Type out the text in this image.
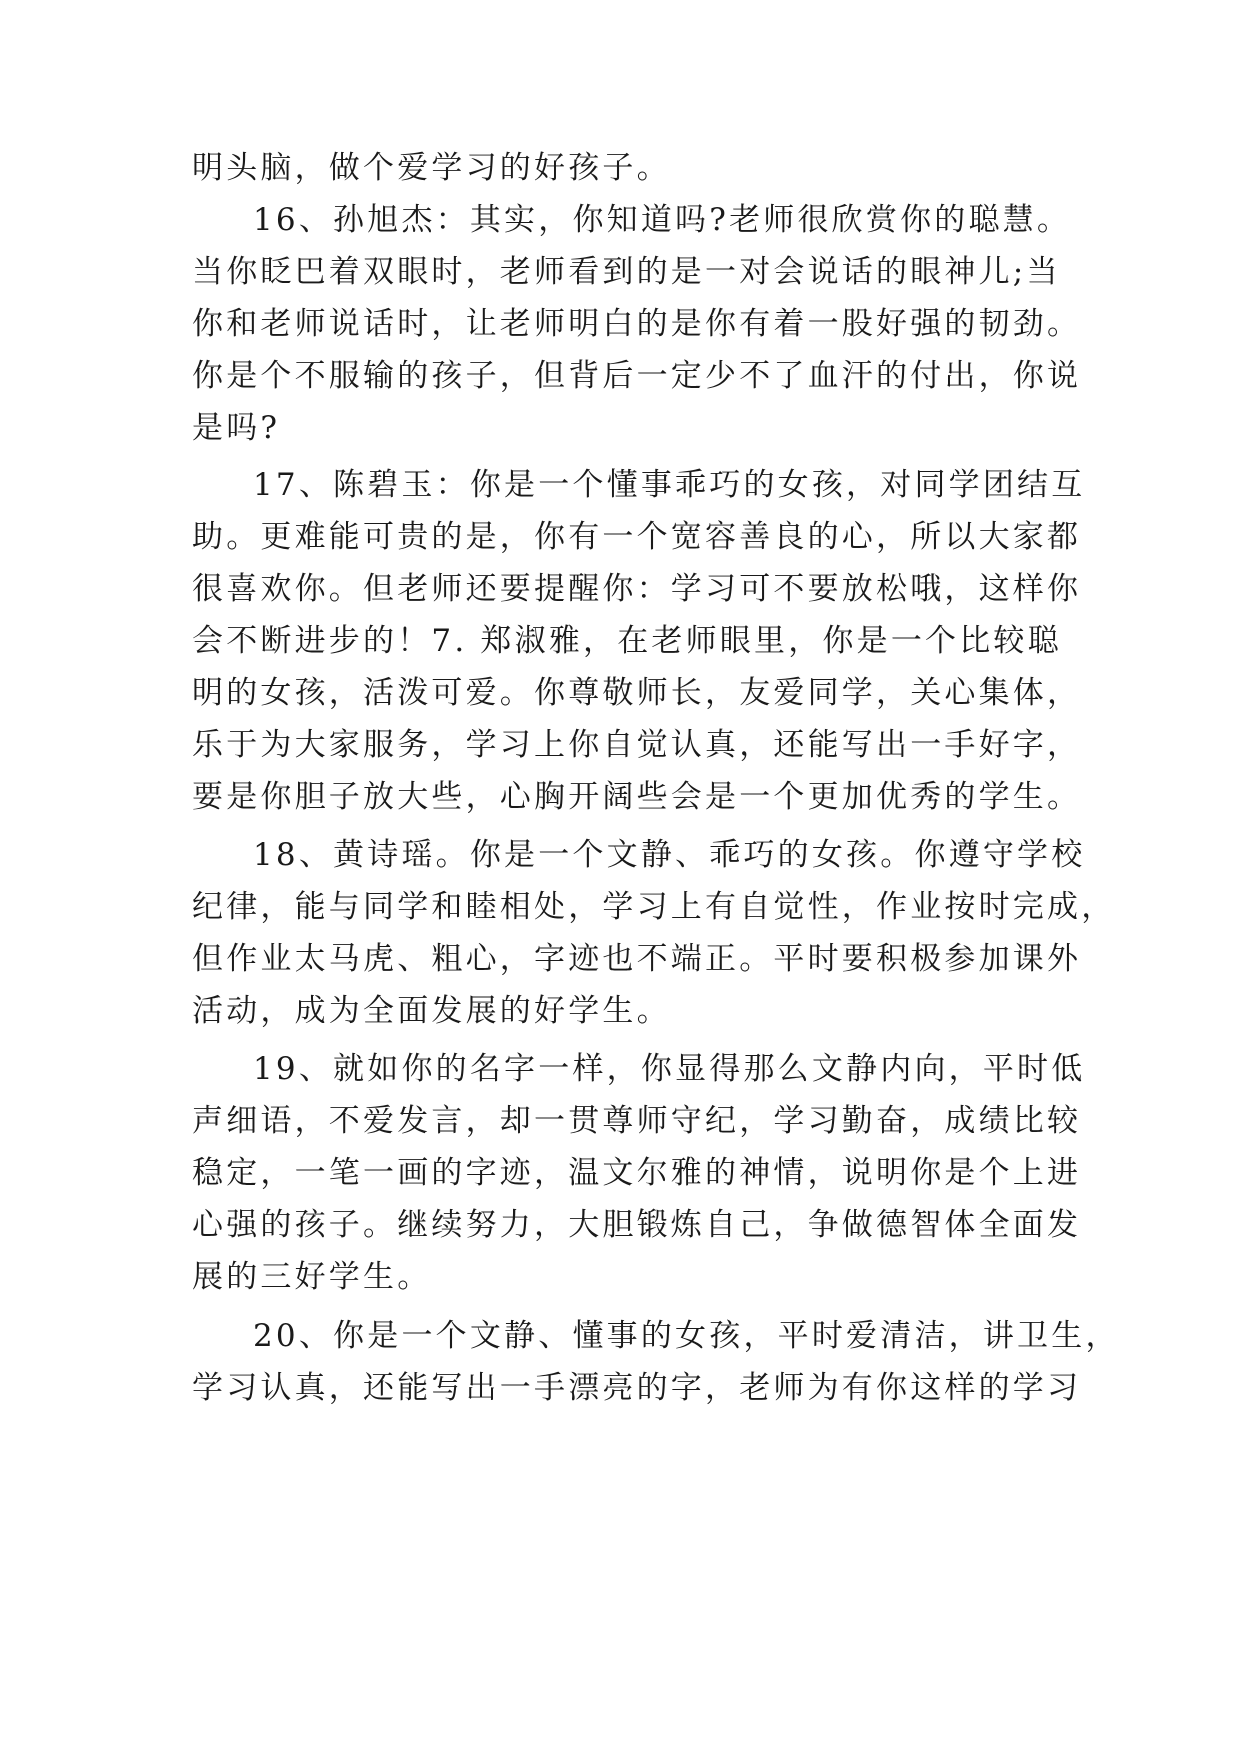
明头脑，做个爱学习的好孩子。
16、孙旭杰：其实，你知道吗?老师很欣赏你的聪慧。
当你眨巴着双眼时，老师看到的是一对会说话的眼神儿;当
你和老师说话时，让老师明白的是你有着一股好强的韧劲。
你是个不服输的孩子，但背后一定少不了血汗的付出，你说
是吗?
17、陈碧玉：你是一个懂事乖巧的女孩，对同学团结互
助。更难能可贵的是，你有一个宽容善良的心，所以大家都
很喜欢你。但老师还要提醒你：学习可不要放松哦，这样你
会不断进步的！7. 郑淑雅，在老师眼里，你是一个比较聪
明的女孩，活泼可爱。你尊敬师长，友爱同学，关心集体，
乐于为大家服务，学习上你自觉认真，还能写出一手好字，
要是你胆子放大些，心胸开阔些会是一个更加优秀的学生。
18、黄诗瑶。你是一个文静、乖巧的女孩。你遵守学校
纪律，能与同学和睦相处，学习上有自觉性，作业按时完成，
但作业太马虎、粗心，字迹也不端正。平时要积极参加课外
活动，成为全面发展的好学生。
19、就如你的名字一样，你显得那么文静内向，平时低
声细语，不爱发言，却一贯尊师守纪，学习勤奋，成绩比较
稳定，一笔一画的字迹，温文尔雅的神情，说明你是个上进
心强的孩子。继续努力，大胆锻炼自己，争做德智体全面发
展的三好学生。
20、你是一个文静、懂事的女孩，平时爱清洁，讲卫生，
学习认真，还能写出一手漂亮的字，老师为有你这样的学习
